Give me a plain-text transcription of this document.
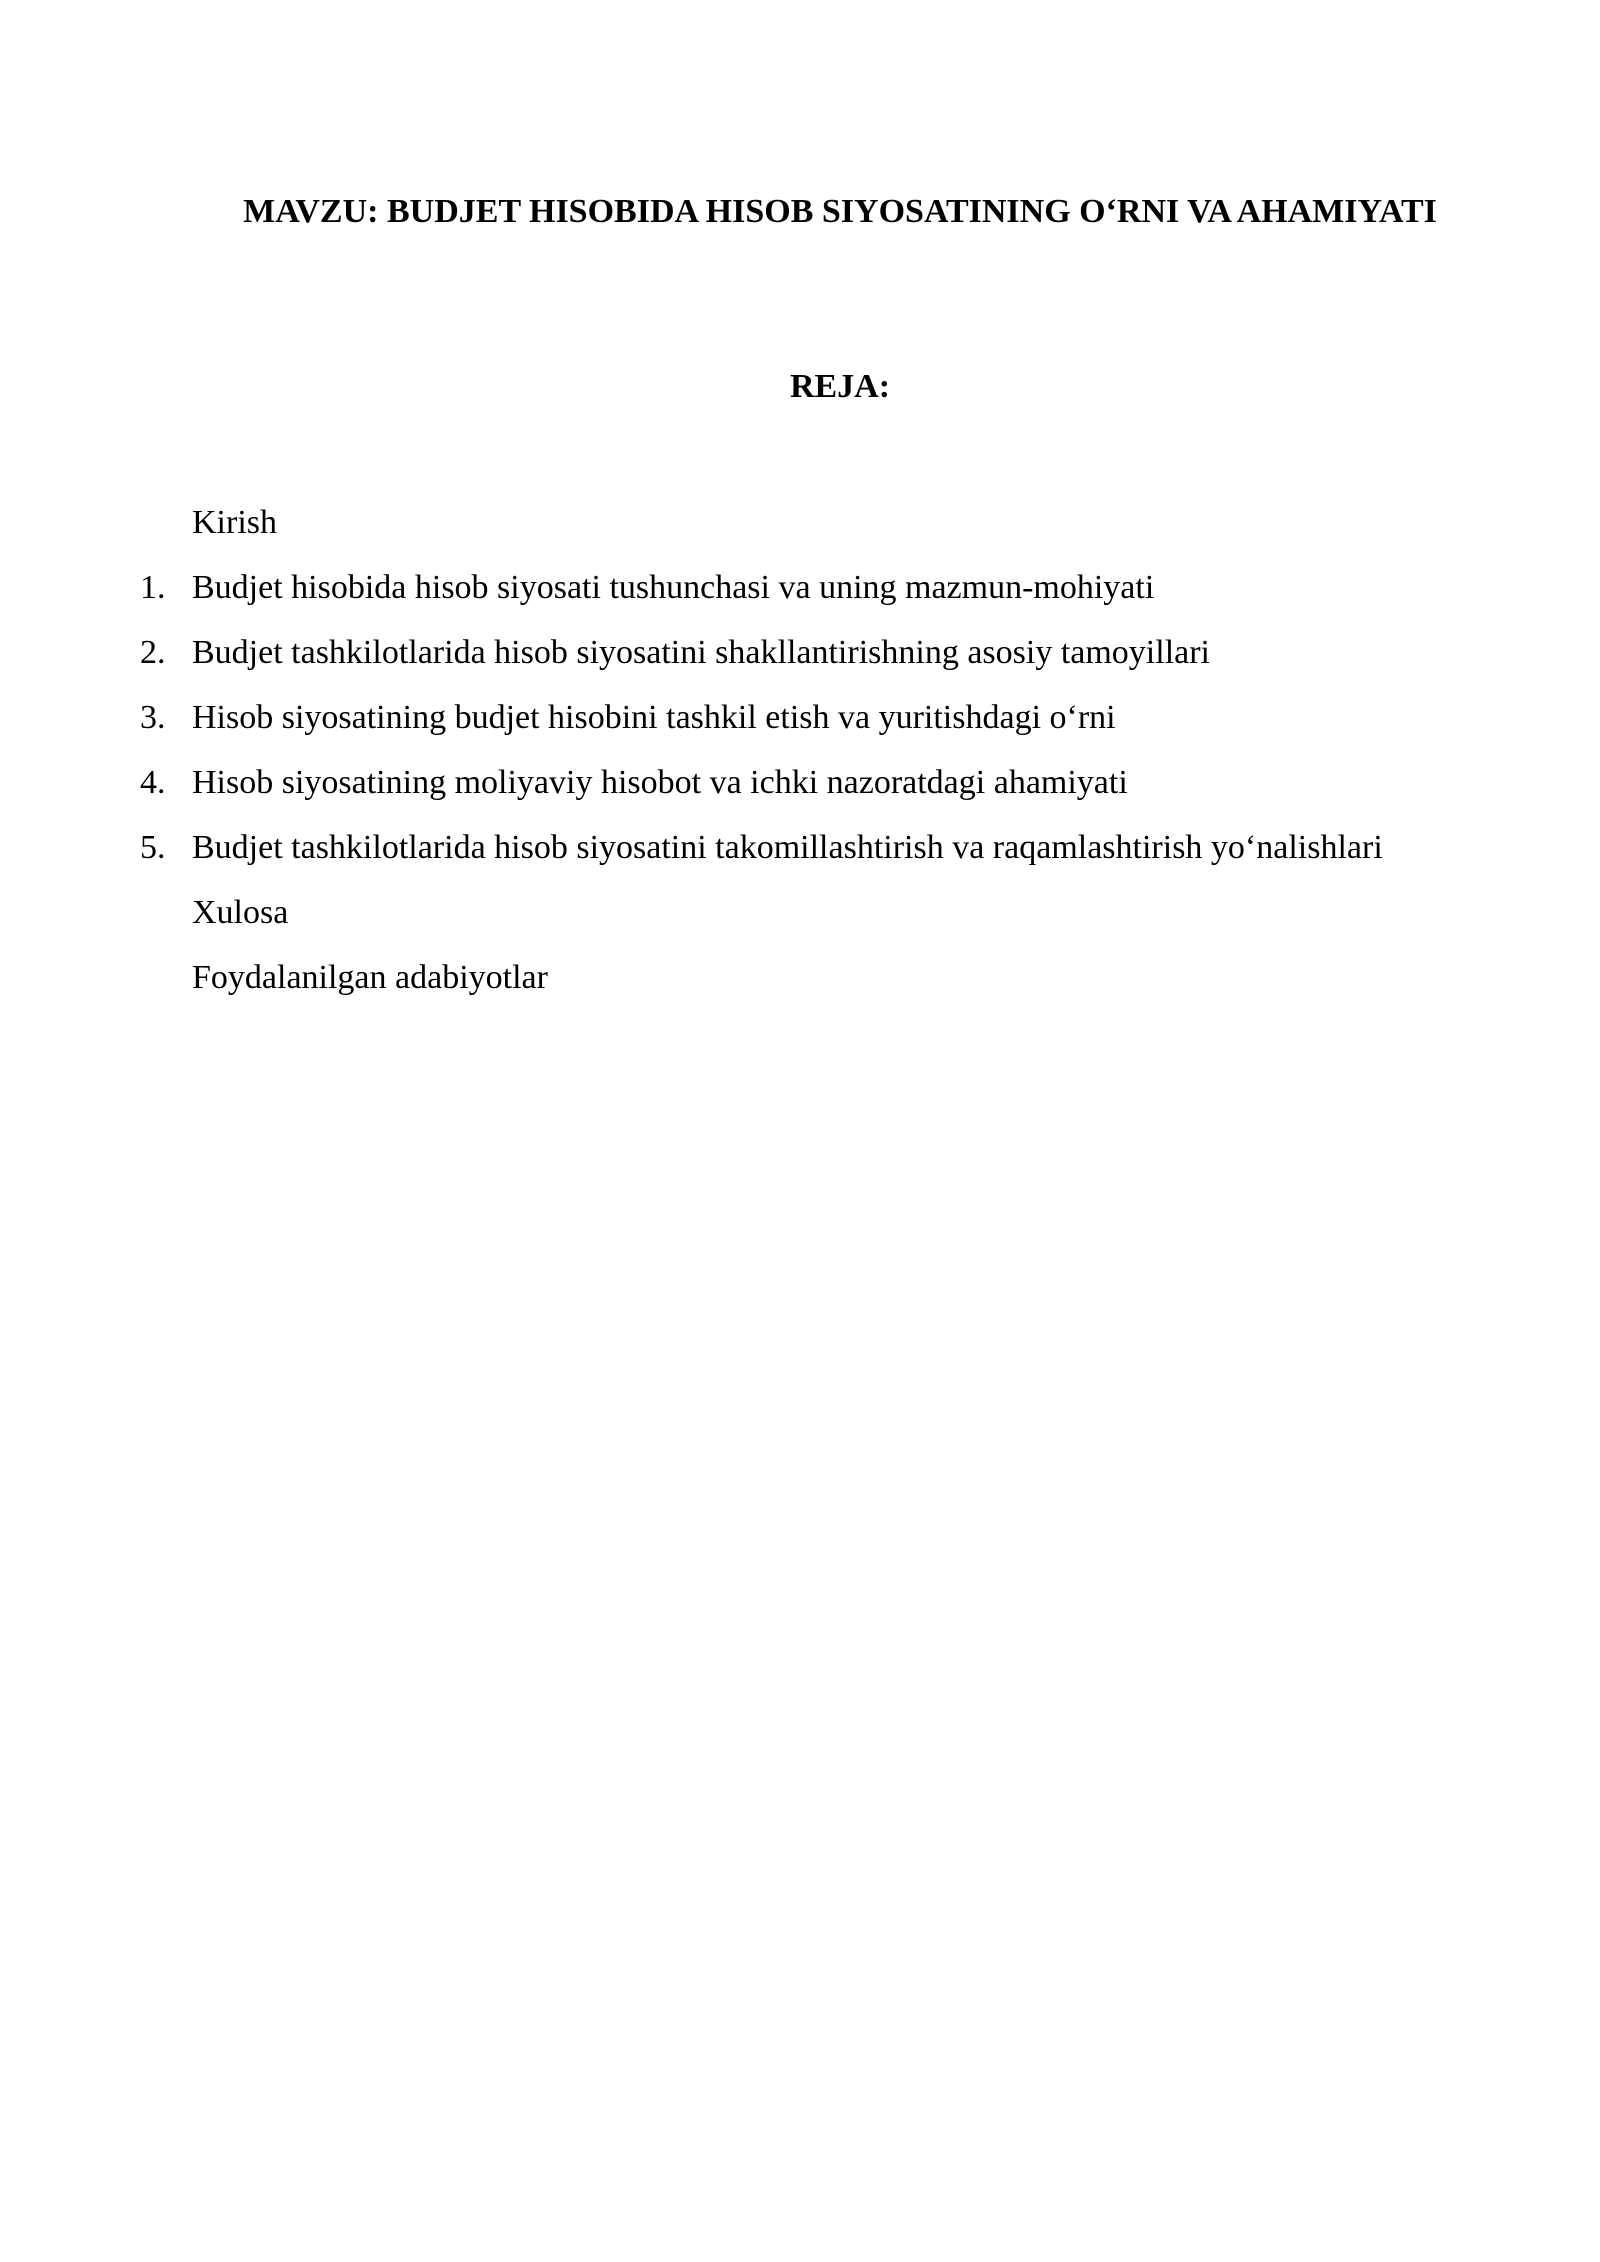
MAVZU: BUDJET HISOBIDA HISOB SIYOSATINING O‘RNI VA AHAMIYATI
REJA:
Kirish
1. Budjet hisobida hisob siyosati tushunchasi va uning mazmun-mohiyati
2. Budjet tashkilotlarida hisob siyosatini shakllantirishning asosiy tamoyillari
3. Hisob siyosatining budjet hisobini tashkil etish va yuritishdagi o‘rni
4. Hisob siyosatining moliyaviy hisobot va ichki nazoratdagi ahamiyati
5. Budjet tashkilotlarida hisob siyosatini takomillashtirish va raqamlashtirish yo‘nalishlari
Xulosa
Foydalanilgan adabiyotlar
